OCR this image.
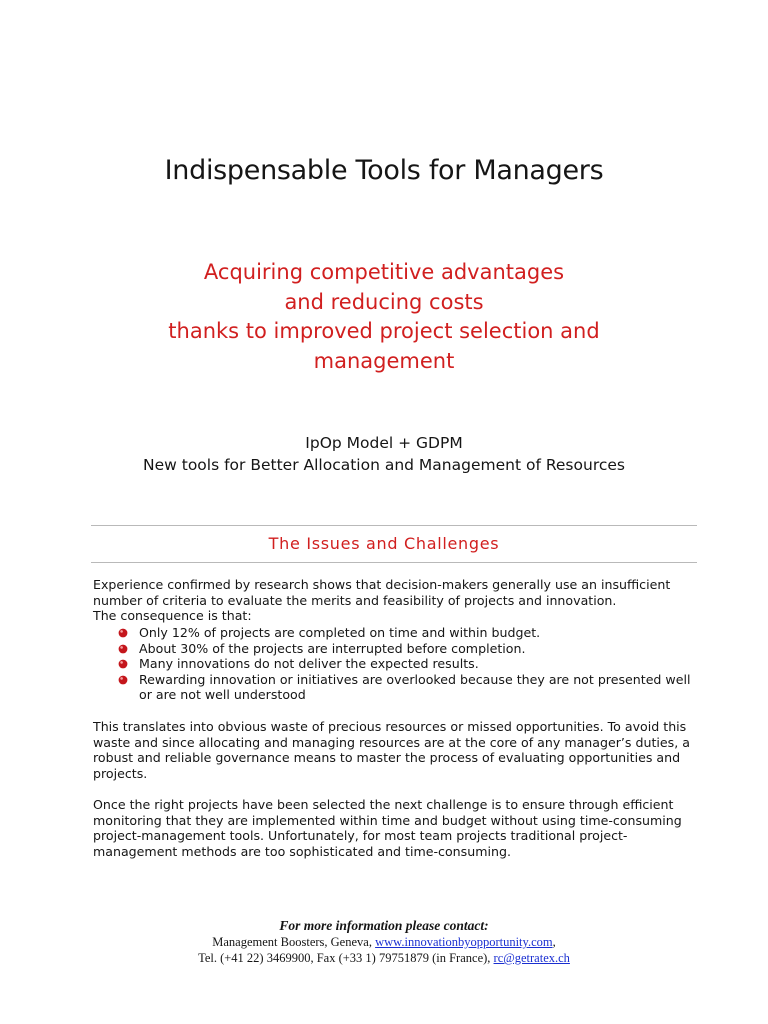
Indispensable Tools for Managers
Acquiring competitive advantages
and reducing costs
thanks to improved project selection and
management
IpOp Model + GDPM
New tools for Better Allocation and Management of Resources
The Issues and Challenges

Experience confirmed by research shows that decision-makers generally use an insufficient number of criteria to evaluate the merits and feasibility of projects and innovation.
The consequence is that:

Only 12% of projects are completed on time and within budget.
About 30% of the projects are interrupted before completion.
Many innovations do not deliver the expected results.
Rewarding innovation or initiatives are overlooked because they are not presented well or are not well understood

This translates into obvious waste of precious resources or missed opportunities. To avoid this waste and since allocating and managing resources are at the core of any manager’s duties, a robust and reliable governance means to master the process of evaluating opportunities and projects.

Once the right projects have been selected the next challenge is to ensure through efficient monitoring that they are implemented within time and budget without using time-consuming project-management tools. Unfortunately, for most team projects traditional project-management methods are too sophisticated and time-consuming.

For more information please contact:
Management Boosters, Geneva, www.innovationbyopportunity.com,
Tel. (+41 22) 3469900, Fax (+33 1) 79751879 (in France), rc@getratex.ch
